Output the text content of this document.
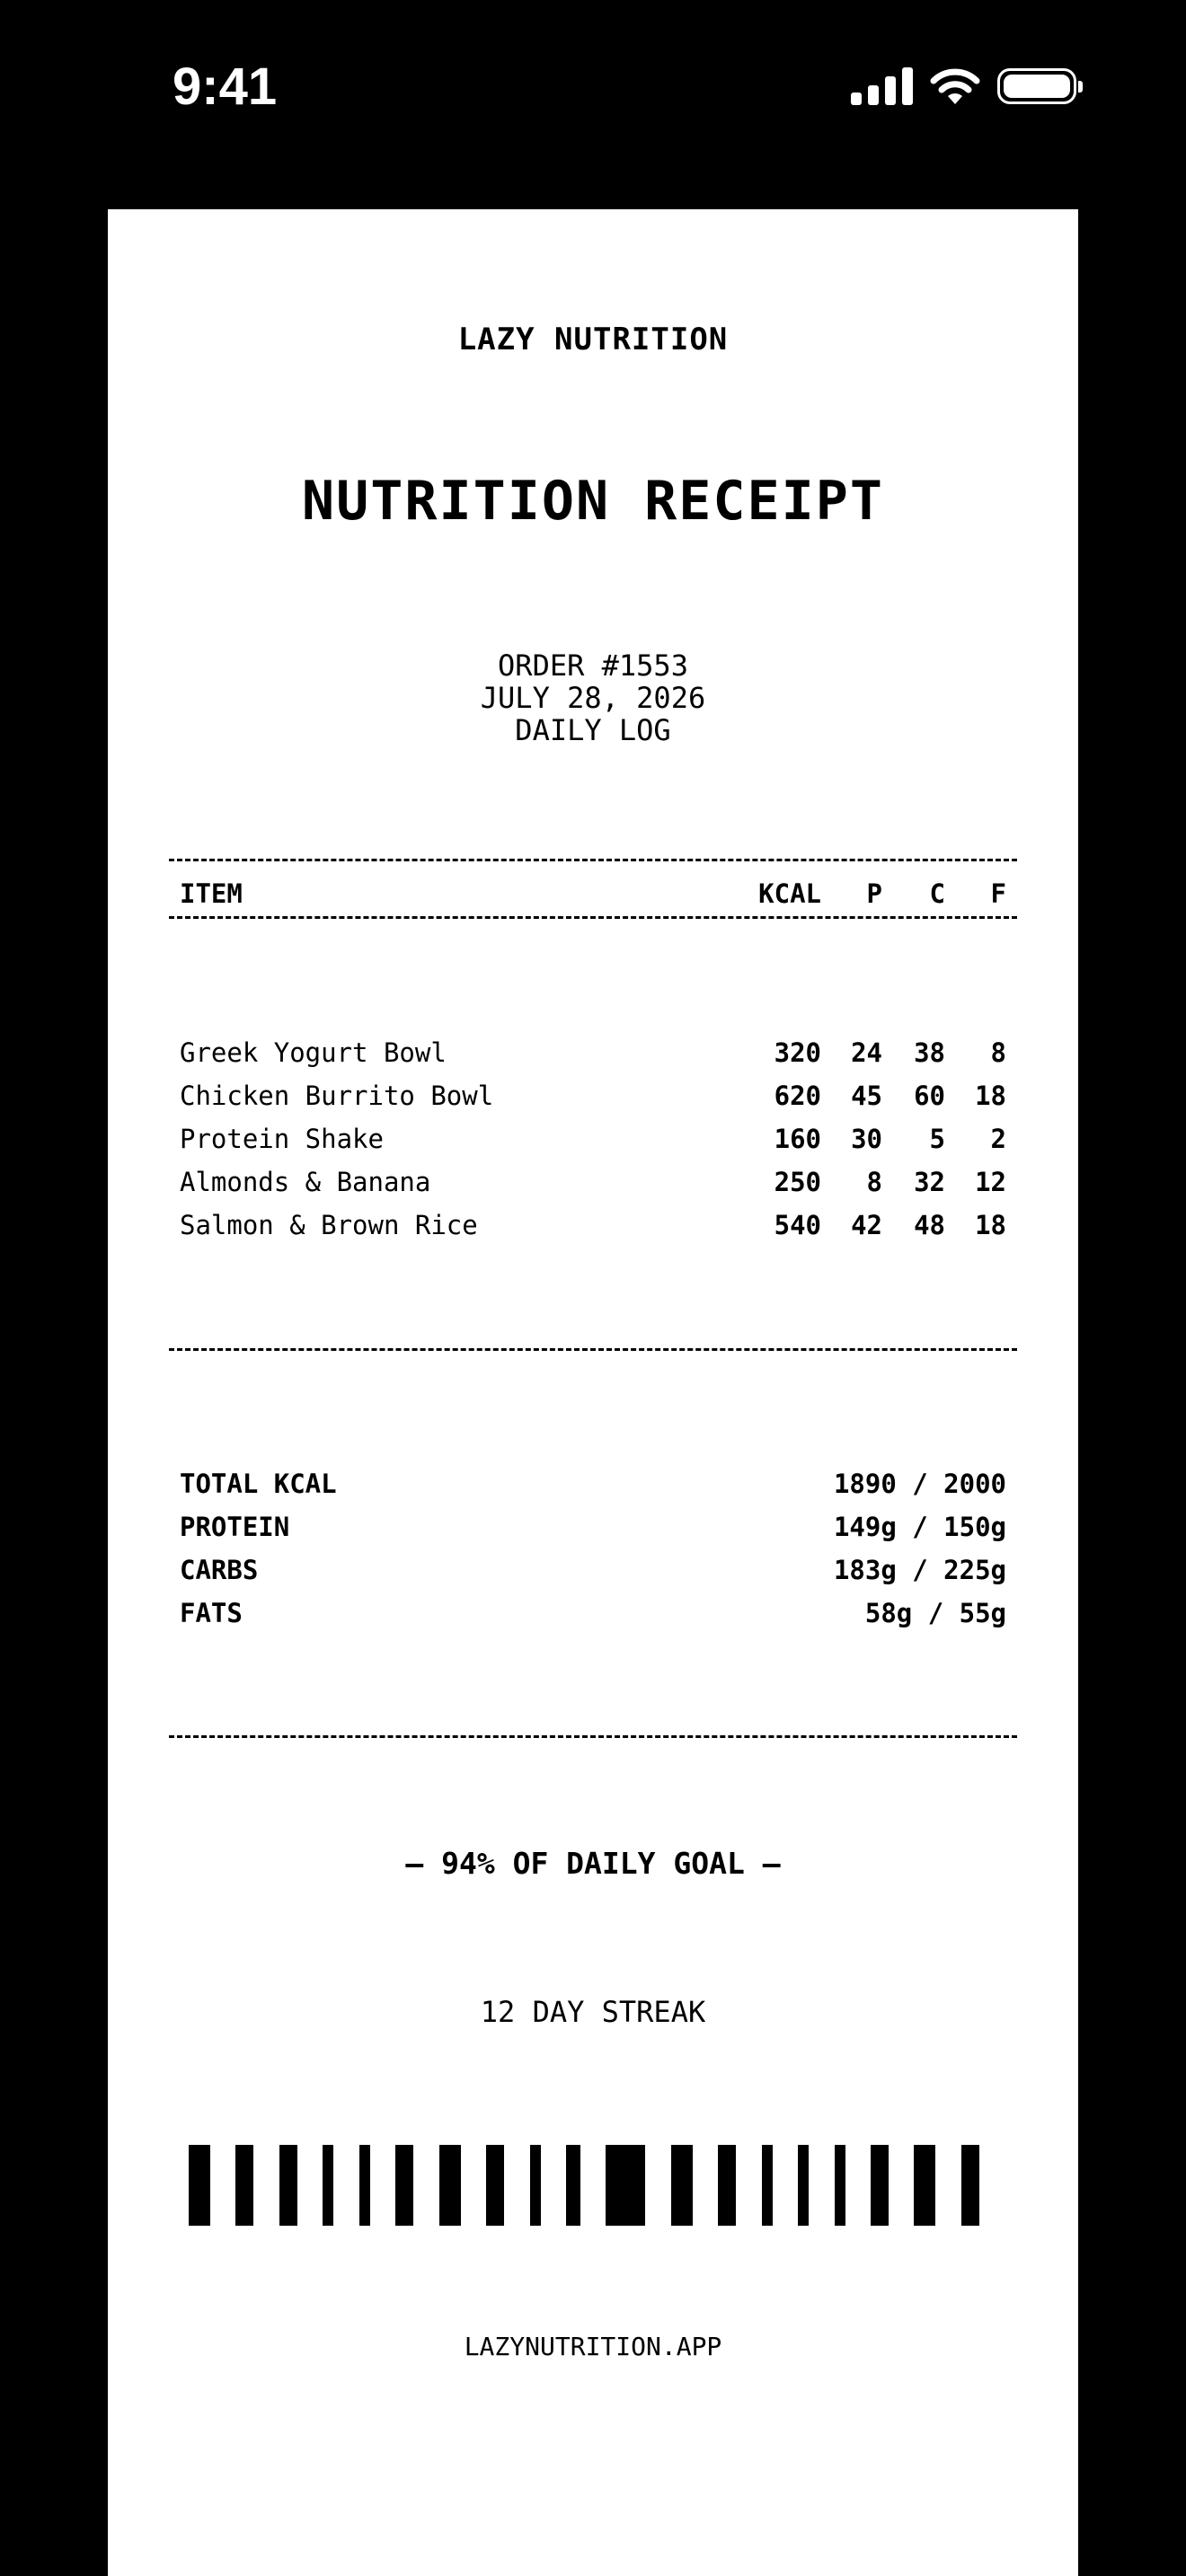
9:41
LAZY NUTRITION
NUTRITION RECEIPT
ORDER #1553
JULY 28, 2026
DAILY LOG
ITEM	KCAL	P	C	F
Greek Yogurt Bowl	320	24	38	8
Chicken Burrito Bowl	620	45	60	18
Protein Shake	160	30	5	2
Almonds & Banana	250	8	32	12
Salmon & Brown Rice	540	42	48	18
TOTAL KCAL	1890 / 2000
PROTEIN	149g / 150g
CARBS	183g / 225g
FATS	58g / 55g
— 94% OF DAILY GOAL —
12 DAY STREAK
LAZYNUTRITION.APP
